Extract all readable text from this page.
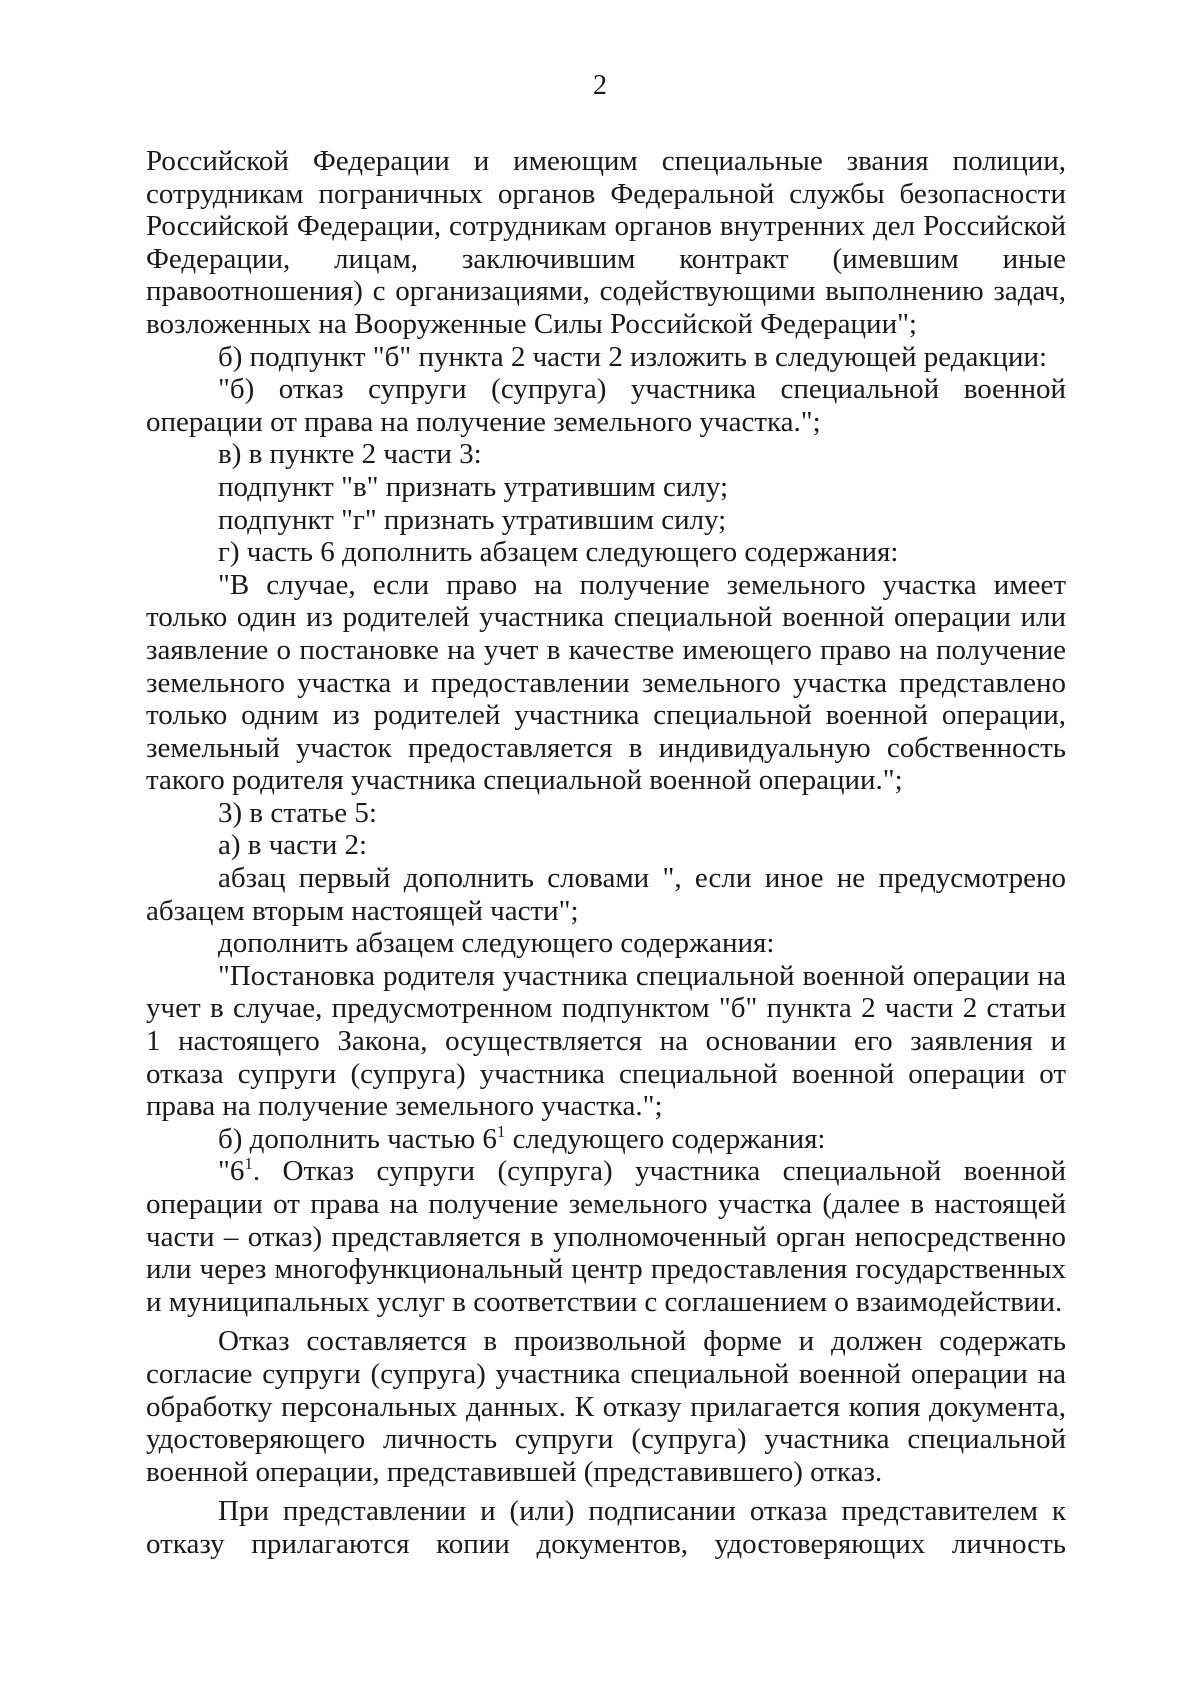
2

Российской Федерации и имеющим специальные звания полиции, сотрудникам пограничных органов Федеральной службы безопасности Российской Федерации, сотрудникам органов внутренних дел Российской Федерации, лицам, заключившим контракт (имевшим иные правоотношения) с организациями, содействующими выполнению задач, возложенных на Вооруженные Силы Российской Федерации";

б) подпункт "б" пункта 2 части 2 изложить в следующей редакции:

"б) отказ супруги (супруга) участника специальной военной операции от права на получение земельного участка.";

в) в пункте 2 части 3:

подпункт "в" признать утратившим силу;

подпункт "г" признать утратившим силу;

г) часть 6 дополнить абзацем следующего содержания:

"В случае, если право на получение земельного участка имеет только один из родителей участника специальной военной операции или заявление о постановке на учет в качестве имеющего право на получение земельного участка и предоставлении земельного участка представлено только одним из родителей участника специальной военной операции, земельный участок предоставляется в индивидуальную собственность такого родителя участника специальной военной операции.";

3) в статье 5:

а) в части 2:

абзац первый дополнить словами ", если иное не предусмотрено абзацем вторым настоящей части";

дополнить абзацем следующего содержания:

"Постановка родителя участника специальной военной операции на учет в случае, предусмотренном подпунктом "б" пункта 2 части 2 статьи 1 настоящего Закона, осуществляется на основании его заявления и отказа супруги (супруга) участника специальной военной операции от права на получение земельного участка.";

б) дополнить частью $6^1$ следующего содержания:

"$6^1$. Отказ супруги (супруга) участника специальной военной операции от права на получение земельного участка (далее в настоящей части – отказ) представляется в уполномоченный орган непосредственно или через многофункциональный центр предоставления государственных и муниципальных услуг в соответствии с соглашением о взаимодействии.

Отказ составляется в произвольной форме и должен содержать согласие супруги (супруга) участника специальной военной операции на обработку персональных данных. К отказу прилагается копия документа, удостоверяющего личность супруги (супруга) участника специальной военной операции, представившей (представившего) отказ.

При представлении и (или) подписании отказа представителем к отказу прилагаются копии документов, удостоверяющих личность
